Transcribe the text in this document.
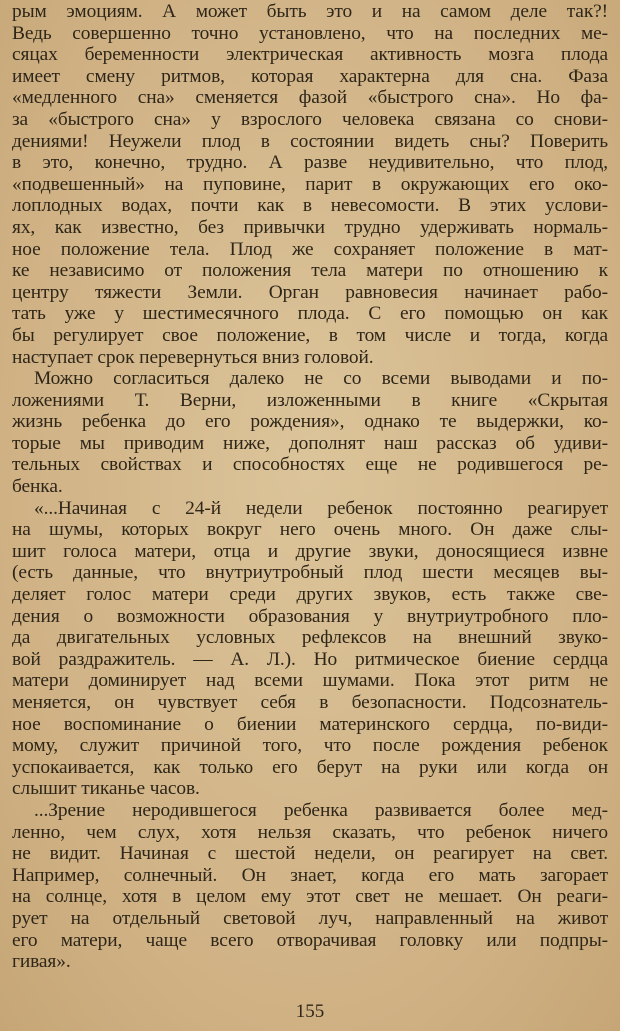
рым эмоциям. А может быть это и на самом деле так?!
Ведь совершенно точно установлено, что на последних ме-
сяцах беременности электрическая активность мозга плода
имеет смену ритмов, которая характерна для сна. Фаза
«медленного сна» сменяется фазой «быстрого сна». Но фа-
за «быстрого сна» у взрослого человека связана со снови-
дениями! Неужели плод в состоянии видеть сны? Поверить
в это, конечно, трудно. А разве неудивительно, что плод,
«подвешенный» на пуповине, парит в окружающих его око-
лоплодных водах, почти как в невесомости. В этих услови-
ях, как известно, без привычки трудно удерживать нормаль-
ное положение тела. Плод же сохраняет положение в мат-
ке независимо от положения тела матери по отношению к
центру тяжести Земли. Орган равновесия начинает рабо-
тать уже у шестимесячного плода. С его помощью он как
бы регулирует свое положение, в том числе и тогда, когда
наступает срок перевернуться вниз головой.
Можно согласиться далеко не со всеми выводами и по-
ложениями Т. Верни, изложенными в книге «Скрытая
жизнь ребенка до его рождения», однако те выдержки, ко-
торые мы приводим ниже, дополнят наш рассказ об удиви-
тельных свойствах и способностях еще не родившегося ре-
бенка.
«...Начиная с 24-й недели ребенок постоянно реагирует
на шумы, которых вокруг него очень много. Он даже слы-
шит голоса матери, отца и другие звуки, доносящиеся извне
(есть данные, что внутриутробный плод шести месяцев вы-
деляет голос матери среди других звуков, есть также све-
дения о возможности образования у внутриутробного пло-
да двигательных условных рефлексов на внешний звуко-
вой раздражитель. — А. Л.). Но ритмическое биение сердца
матери доминирует над всеми шумами. Пока этот ритм не
меняется, он чувствует себя в безопасности. Подсознатель-
ное воспоминание о биении материнского сердца, по-види-
мому, служит причиной того, что после рождения ребенок
успокаивается, как только его берут на руки или когда он
слышит тиканье часов.
...Зрение неродившегося ребенка развивается более мед-
ленно, чем слух, хотя нельзя сказать, что ребенок ничего
не видит. Начиная с шестой недели, он реагирует на свет.
Например, солнечный. Он знает, когда его мать загорает
на солнце, хотя в целом ему этот свет не мешает. Он реаги-
рует на отдельный световой луч, направленный на живот
его матери, чаще всего отворачивая головку или подпры-
гивая».
155
